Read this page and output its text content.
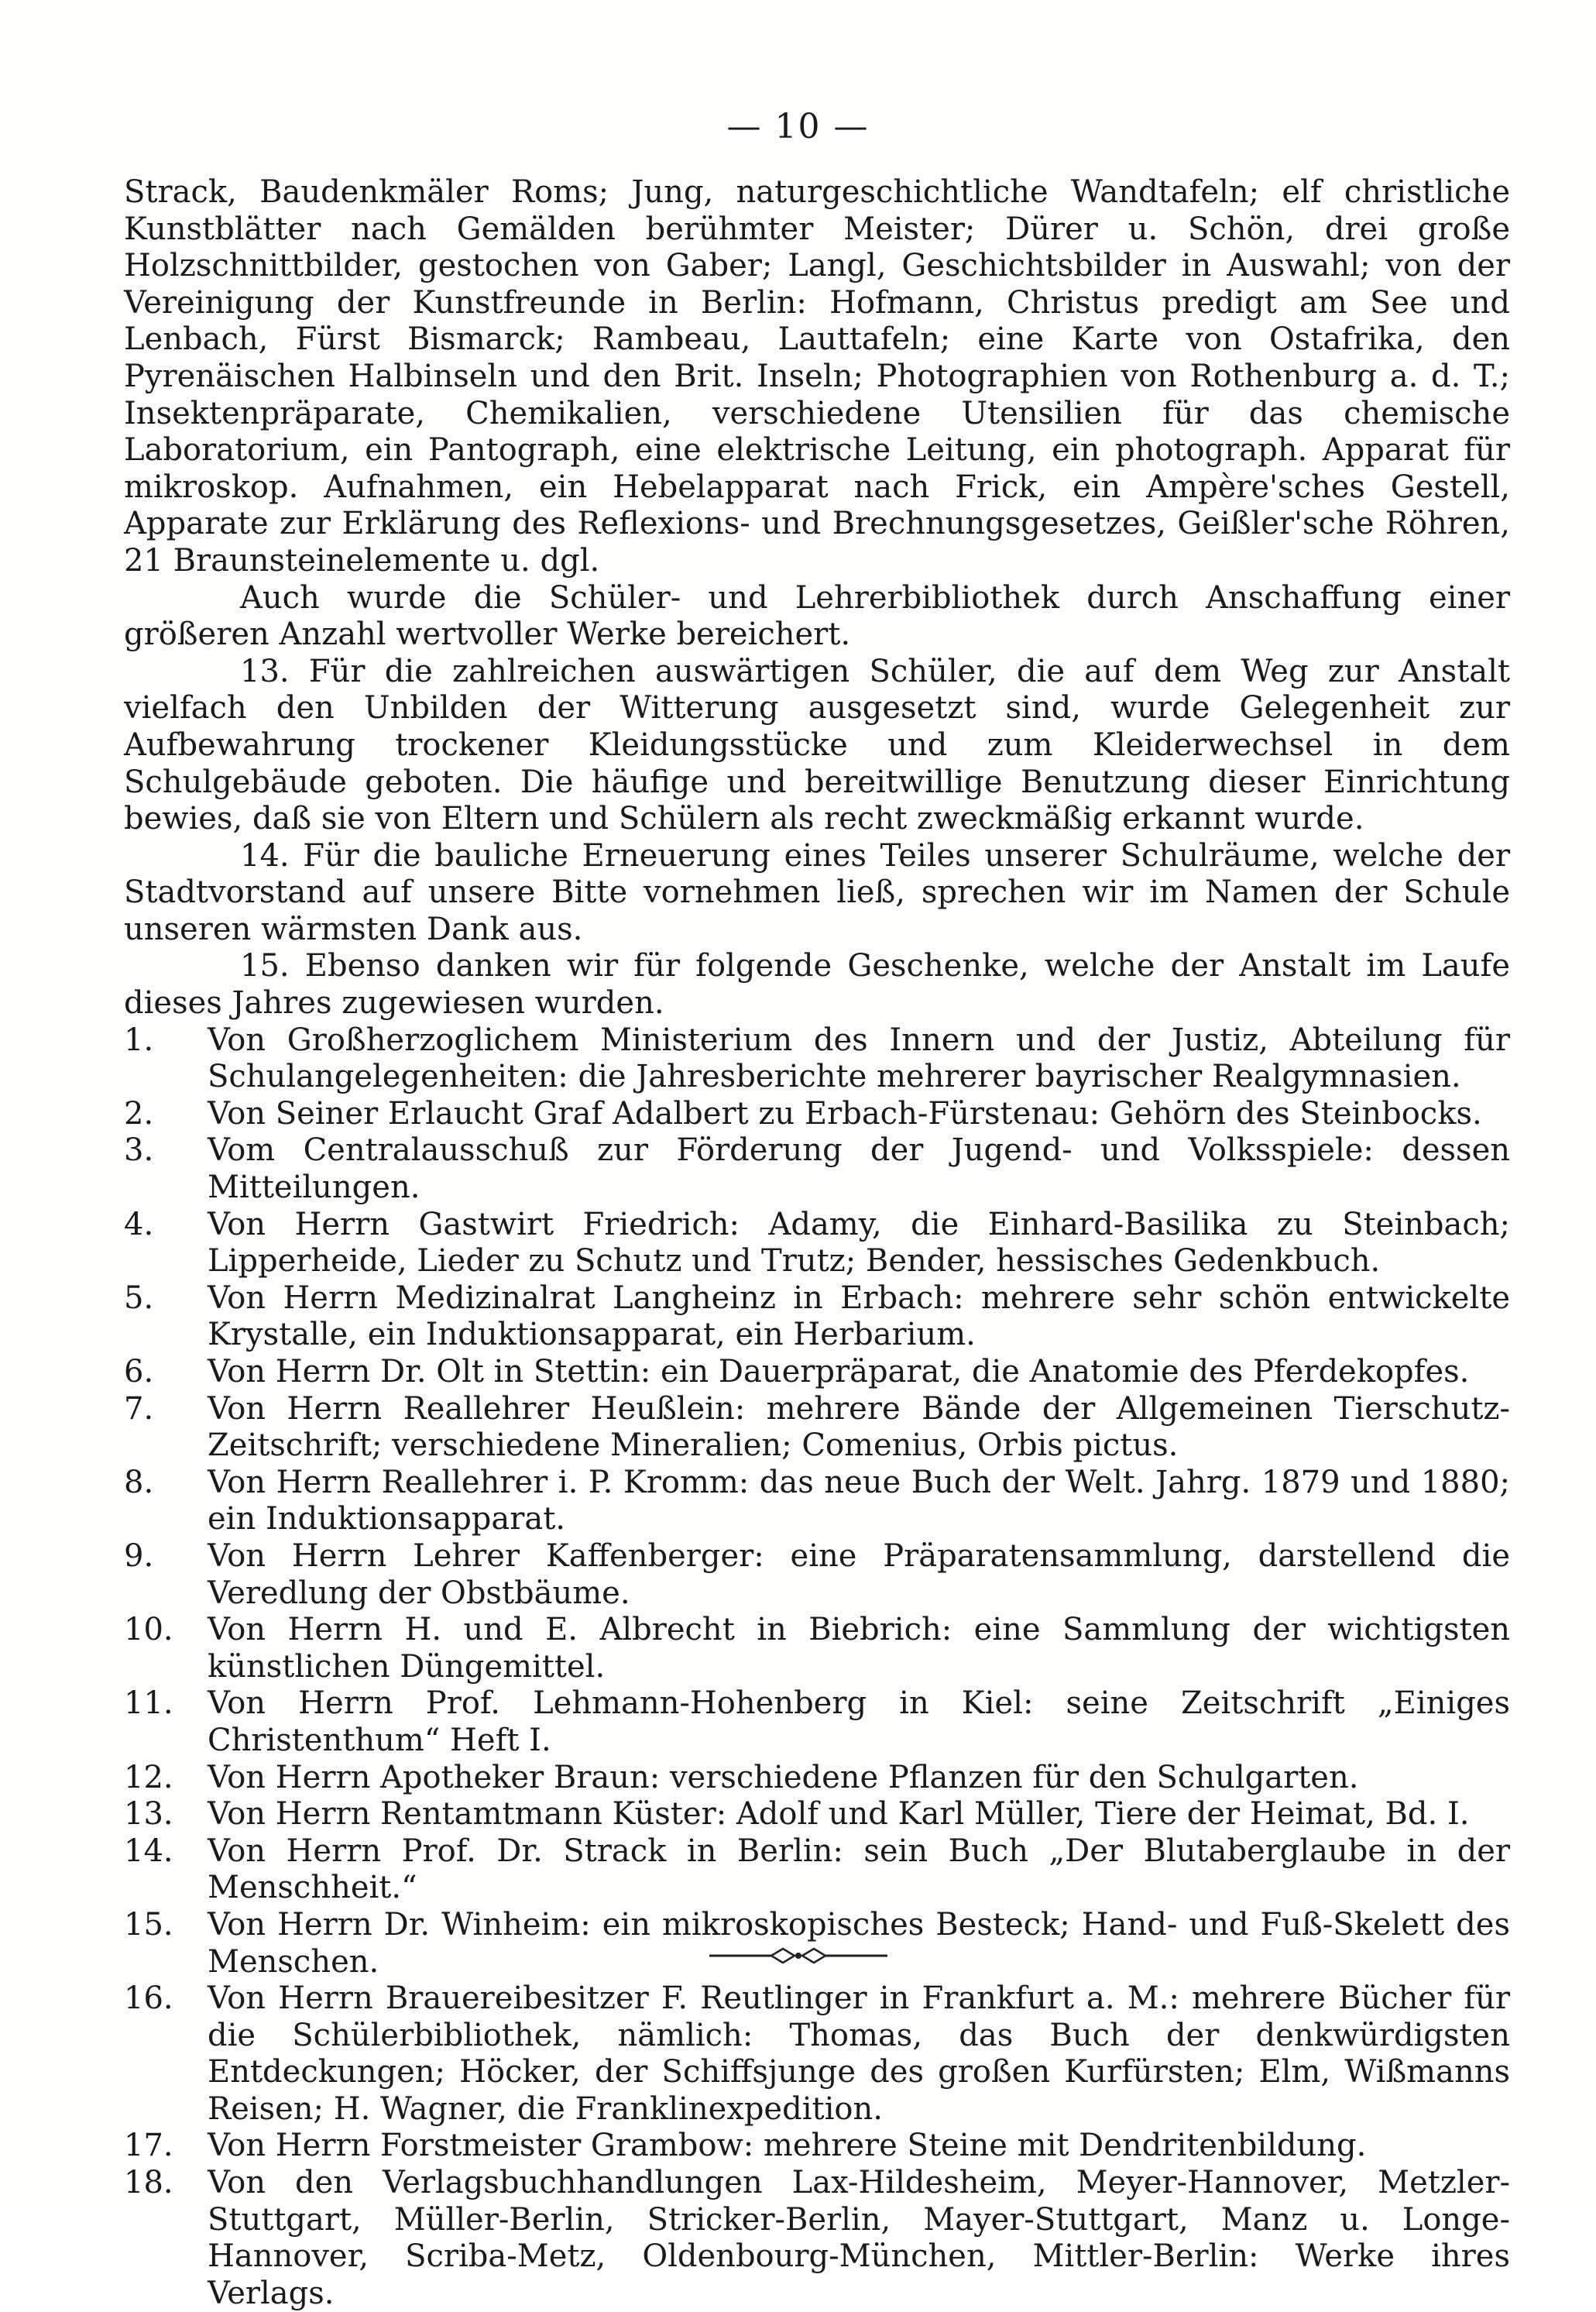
— 10 —

Strack, Baudenkmäler Roms; Jung, naturgeschichtliche Wandtafeln; elf christliche Kunstblätter nach Gemälden berühmter Meister; Dürer u. Schön, drei große Holzschnittbilder, gestochen von Gaber; Langl, Geschichtsbilder in Auswahl; von der Vereinigung der Kunstfreunde in Berlin: Hofmann, Christus predigt am See und Lenbach, Fürst Bismarck; Rambeau, Lauttafeln; eine Karte von Ostafrika, den Pyrenäischen Halbinseln und den Brit. Inseln; Photographien von Rothenburg a. d. T.; Insektenpräparate, Chemikalien, verschiedene Utensilien für das chemische Laboratorium, ein Pantograph, eine elektrische Leitung, ein photograph. Apparat für mikroskop. Aufnahmen, ein Hebelapparat nach Frick, ein Ampère'sches Gestell, Apparate zur Erklärung des Reflexions- und Brechnungsgesetzes, Geißler'sche Röhren, 21 Braunsteinelemente u. dgl.

Auch wurde die Schüler- und Lehrerbibliothek durch Anschaffung einer größeren Anzahl wertvoller Werke bereichert.

13. Für die zahlreichen auswärtigen Schüler, die auf dem Weg zur Anstalt vielfach den Unbilden der Witterung ausgesetzt sind, wurde Gelegenheit zur Aufbewahrung trockener Kleidungsstücke und zum Kleiderwechsel in dem Schulgebäude geboten. Die häufige und bereitwillige Benutzung dieser Einrichtung bewies, daß sie von Eltern und Schülern als recht zweckmäßig erkannt wurde.

14. Für die bauliche Erneuerung eines Teiles unserer Schulräume, welche der Stadtvorstand auf unsere Bitte vornehmen ließ, sprechen wir im Namen der Schule unseren wärmsten Dank aus.

15. Ebenso danken wir für folgende Geschenke, welche der Anstalt im Laufe dieses Jahres zugewiesen wurden.

1.	Von Großherzoglichem Ministerium des Innern und der Justiz, Abteilung für Schulangelegenheiten: die Jahresberichte mehrerer bayrischer Realgymnasien.
2.	Von Seiner Erlaucht Graf Adalbert zu Erbach-Fürstenau: Gehörn des Steinbocks.
3.	Vom Centralausschuß zur Förderung der Jugend- und Volksspiele: dessen Mitteilungen.
4.	Von Herrn Gastwirt Friedrich: Adamy, die Einhard-Basilika zu Steinbach; Lipperheide, Lieder zu Schutz und Trutz; Bender, hessisches Gedenkbuch.
5.	Von Herrn Medizinalrat Langheinz in Erbach: mehrere sehr schön entwickelte Krystalle, ein Induktionsapparat, ein Herbarium.
6.	Von Herrn Dr. Olt in Stettin: ein Dauerpräparat, die Anatomie des Pferdekopfes.
7.	Von Herrn Reallehrer Heußlein: mehrere Bände der Allgemeinen Tierschutz-Zeitschrift; verschiedene Mineralien; Comenius, Orbis pictus.
8.	Von Herrn Reallehrer i. P. Kromm: das neue Buch der Welt. Jahrg. 1879 und 1880; ein Induktionsapparat.
9.	Von Herrn Lehrer Kaffenberger: eine Präparatensammlung, darstellend die Veredlung der Obstbäume.
10.	Von Herrn H. und E. Albrecht in Biebrich: eine Sammlung der wichtigsten künstlichen Düngemittel.
11.	Von Herrn Prof. Lehmann-Hohenberg in Kiel: seine Zeitschrift „Einiges Christenthum“ Heft I.
12.	Von Herrn Apotheker Braun: verschiedene Pflanzen für den Schulgarten.
13.	Von Herrn Rentamtmann Küster: Adolf und Karl Müller, Tiere der Heimat, Bd. I.
14.	Von Herrn Prof. Dr. Strack in Berlin: sein Buch „Der Blutaberglaube in der Menschheit.“
15.	Von Herrn Dr. Winheim: ein mikroskopisches Besteck; Hand- und Fuß-Skelett des Menschen.
16.	Von Herrn Brauereibesitzer F. Reutlinger in Frankfurt a. M.: mehrere Bücher für die Schülerbibliothek, nämlich: Thomas, das Buch der denkwürdigsten Entdeckungen; Höcker, der Schiffsjunge des großen Kurfürsten; Elm, Wißmanns Reisen; H. Wagner, die Franklinexpedition.
17.	Von Herrn Forstmeister Grambow: mehrere Steine mit Dendritenbildung.
18.	Von den Verlagsbuchhandlungen Lax-Hildesheim, Meyer-Hannover, Metzler-Stuttgart, Müller-Berlin, Stricker-Berlin, Mayer-Stuttgart, Manz u. Longe-Hannover, Scriba-Metz, Oldenbourg-München, Mittler-Berlin: Werke ihres Verlags.
